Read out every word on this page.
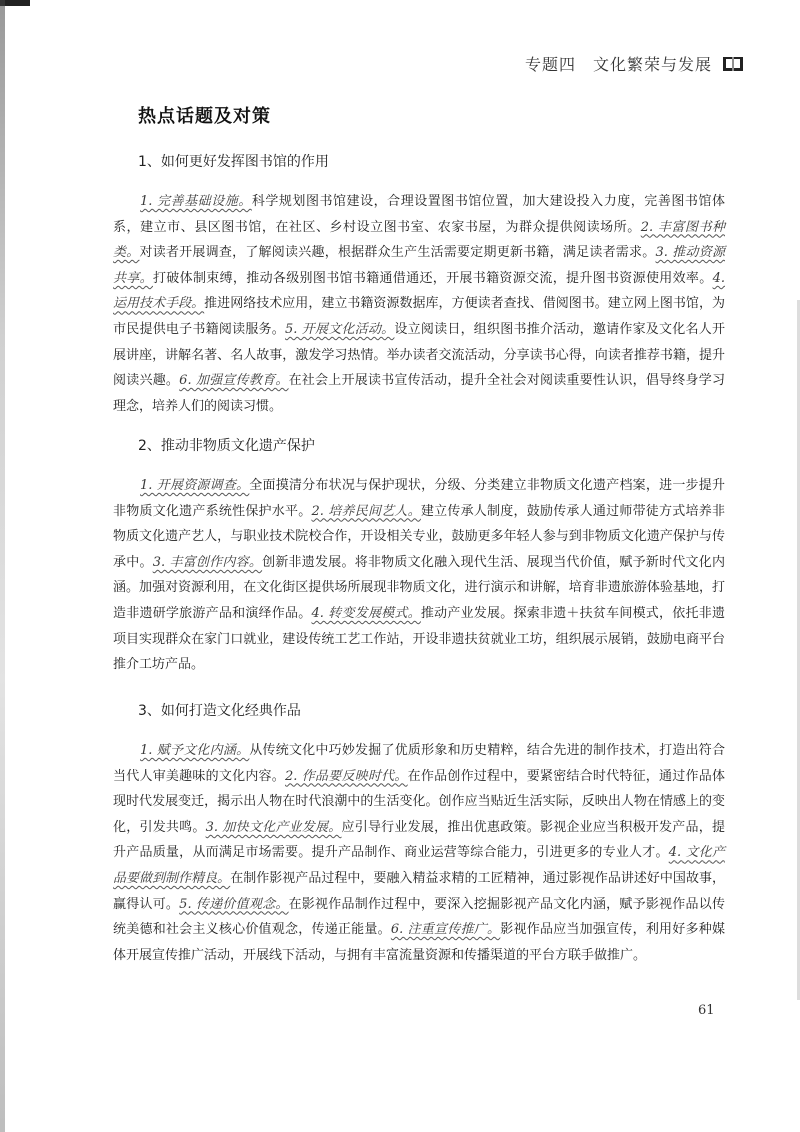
专题四　文化繁荣与发展
热点话题及对策
1、如何更好发挥图书馆的作用

1. 完善基础设施。科学规划图书馆建设，合理设置图书馆位置，加大建设投入力度，完善图书馆体系，建立市、县区图书馆，在社区、乡村设立图书室、农家书屋，为群众提供阅读场所。2. 丰富图书种类。对读者开展调查，了解阅读兴趣，根据群众生产生活需要定期更新书籍，满足读者需求。3. 推动资源共享。打破体制束缚，推动各级别图书馆书籍通借通还，开展书籍资源交流，提升图书资源使用效率。4. 运用技术手段。推进网络技术应用，建立书籍资源数据库，方便读者查找、借阅图书。建立网上图书馆，为市民提供电子书籍阅读服务。5. 开展文化活动。设立阅读日，组织图书推介活动，邀请作家及文化名人开展讲座，讲解名著、名人故事，激发学习热情。举办读者交流活动，分享读书心得，向读者推荐书籍，提升阅读兴趣。6. 加强宣传教育。在社会上开展读书宣传活动，提升全社会对阅读重要性认识，倡导终身学习理念，培养人们的阅读习惯。

2、推动非物质文化遗产保护

1. 开展资源调查。全面摸清分布状况与保护现状，分级、分类建立非物质文化遗产档案，进一步提升非物质文化遗产系统性保护水平。2. 培养民间艺人。建立传承人制度，鼓励传承人通过师带徒方式培养非物质文化遗产艺人，与职业技术院校合作，开设相关专业，鼓励更多年轻人参与到非物质文化遗产保护与传承中。3. 丰富创作内容。创新非遗发展。将非物质文化融入现代生活、展现当代价值，赋予新时代文化内涵。加强对资源利用，在文化街区提供场所展现非物质文化，进行演示和讲解，培育非遗旅游体验基地，打造非遗研学旅游产品和演绎作品。4. 转变发展模式。推动产业发展。探索非遗＋扶贫车间模式，依托非遗项目实现群众在家门口就业，建设传统工艺工作站，开设非遗扶贫就业工坊，组织展示展销，鼓励电商平台推介工坊产品。

3、如何打造文化经典作品

1. 赋予文化内涵。从传统文化中巧妙发掘了优质形象和历史精粹，结合先进的制作技术，打造出符合当代人审美趣味的文化内容。2. 作品要反映时代。在作品创作过程中，要紧密结合时代特征，通过作品体现时代发展变迁，揭示出人物在时代浪潮中的生活变化。创作应当贴近生活实际，反映出人物在情感上的变化，引发共鸣。3. 加快文化产业发展。应引导行业发展，推出优惠政策。影视企业应当积极开发产品，提升产品质量，从而满足市场需要。提升产品制作、商业运营等综合能力，引进更多的专业人才。4. 文化产品要做到制作精良。在制作影视产品过程中，要融入精益求精的工匠精神，通过影视作品讲述好中国故事，赢得认可。5. 传递价值观念。在影视作品制作过程中，要深入挖掘影视产品文化内涵，赋予影视作品以传统美德和社会主义核心价值观念，传递正能量。6. 注重宣传推广。影视作品应当加强宣传，利用好多种媒体开展宣传推广活动，开展线下活动，与拥有丰富流量资源和传播渠道的平台方联手做推广。

61
